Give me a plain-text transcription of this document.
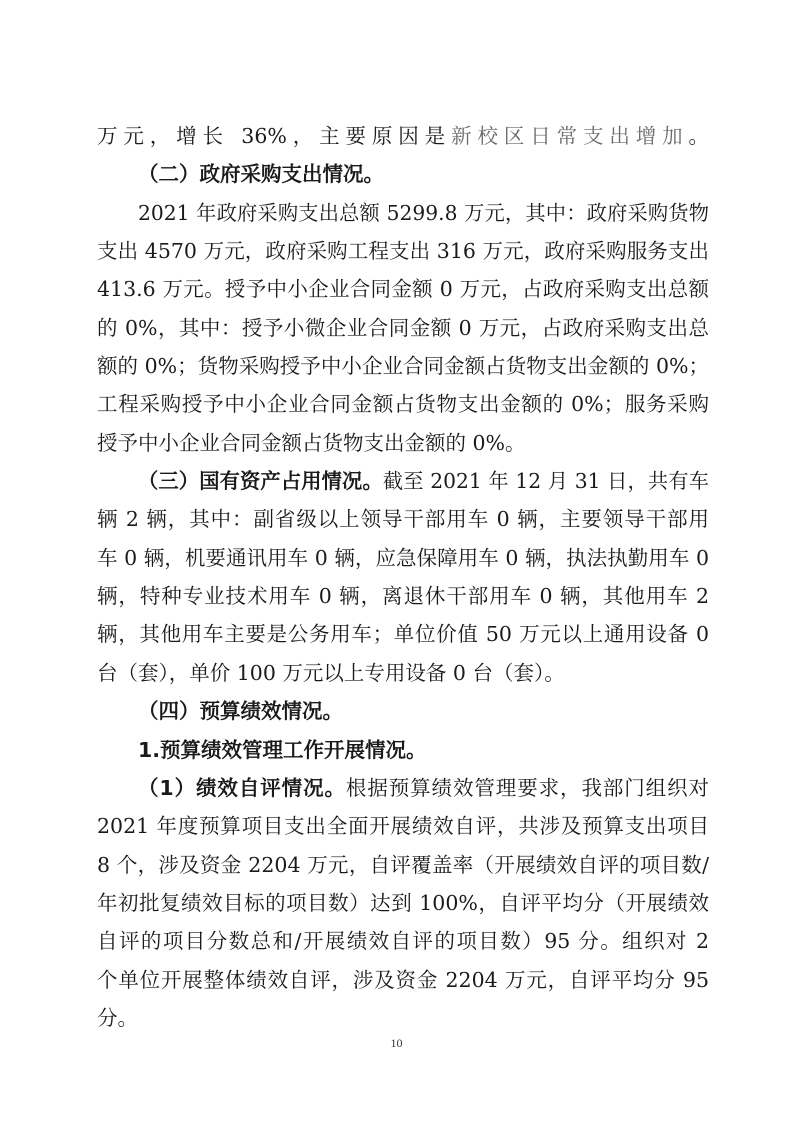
万元，增长 36%，主要原因是新校区日常支出增加。
（二）政府采购支出情况。
2021 年政府采购支出总额 5299.8 万元，其中：政府采购货物
支出 4570 万元，政府采购工程支出 316 万元，政府采购服务支出
413.6 万元。授予中小企业合同金额 0 万元，占政府采购支出总额
的 0%，其中：授予小微企业合同金额 0 万元，占政府采购支出总
额的 0%；货物采购授予中小企业合同金额占货物支出金额的 0%；
工程采购授予中小企业合同金额占货物支出金额的 0%；服务采购
授予中小企业合同金额占货物支出金额的 0%。
（三）国有资产占用情况。截至 2021 年 12 月 31 日，共有车
辆 2 辆，其中：副省级以上领导干部用车 0 辆，主要领导干部用
车 0 辆，机要通讯用车 0 辆，应急保障用车 0 辆，执法执勤用车 0
辆，特种专业技术用车 0 辆，离退休干部用车 0 辆，其他用车 2
辆，其他用车主要是公务用车；单位价值 50 万元以上通用设备 0
台（套），单价 100 万元以上专用设备 0 台（套）。
（四）预算绩效情况。
1.预算绩效管理工作开展情况。
（1）绩效自评情况。根据预算绩效管理要求，我部门组织对
2021 年度预算项目支出全面开展绩效自评，共涉及预算支出项目
8 个，涉及资金 2204 万元，自评覆盖率（开展绩效自评的项目数/
年初批复绩效目标的项目数）达到 100%，自评平均分（开展绩效
自评的项目分数总和/开展绩效自评的项目数）95 分。组织对 2
个单位开展整体绩效自评，涉及资金 2204 万元，自评平均分 95
分。
10
